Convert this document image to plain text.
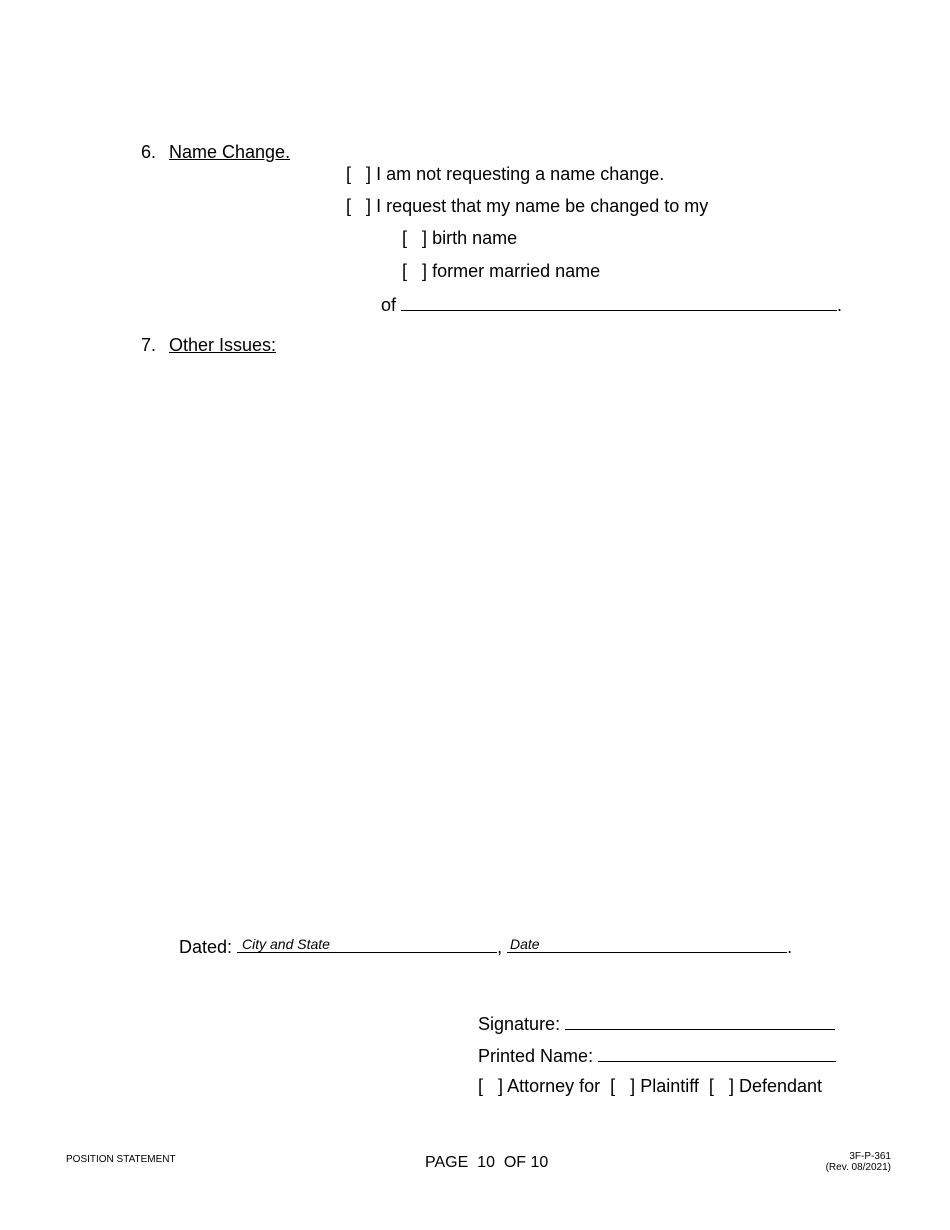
6. Name Change.

[ ] I am not requesting a name change.

[ ] I request that my name be changed to my

[ ] birth name

[ ] former married name

of	.

7. Other Issues:

Dated:	,	.

City and State	Date

Signature:

Printed Name:

[ ] Attorney for [ ] Plaintiff [ ] Defendant

POSITION STATEMENT	PAGE  10  OF 10	3F-P-361
(Rev. 08/2021)
